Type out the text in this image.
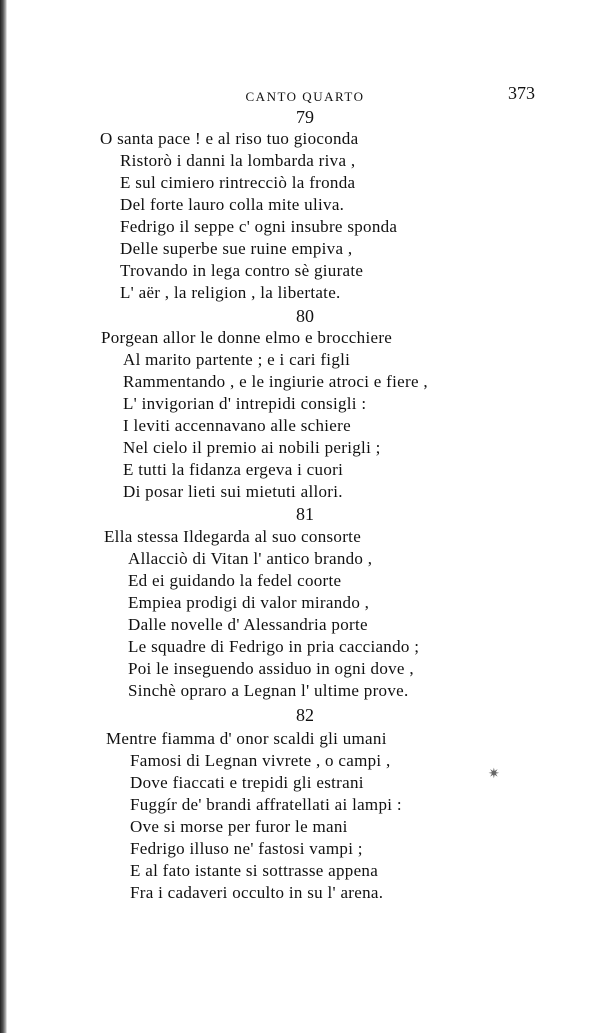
CANTO QUARTO	373
79
O santa pace ! e al riso tuo gioconda
Ristorò i danni la lombarda riva ,
E sul cimiero rintrecciò la fronda
Del forte lauro colla mite uliva.
Fedrigo il seppe c' ogni insubre sponda
Delle superbe sue ruine empiva ,
Trovando in lega contro sè giurate
L' aër , la religion , la libertate.
80
Porgean allor le donne elmo e brocchiere
Al marito partente ; e i cari figli
Rammentando , e le ingiurie atroci e fiere ,
L' invigorian d' intrepidi consigli :
I leviti accennavano alle schiere
Nel cielo il premio ai nobili perigli ;
E tutti la fidanza ergeva i cuori
Di posar lieti sui mietuti allori.
81
Ella stessa Ildegarda al suo consorte
Allacciò di Vitan l' antico brando ,
Ed ei guidando la fedel coorte
Empiea prodigi di valor mirando ,
Dalle novelle d' Alessandria porte
Le squadre di Fedrigo in pria cacciando ;
Poi le inseguendo assiduo in ogni dove ,
Sinchè opraro a Legnan l' ultime prove.
82
Mentre fiamma d' onor scaldi gli umani
Famosi di Legnan vivrete , o campi ,
Dove fiaccati e trepidi gli estrani
Fuggír de' brandi affratellati ai lampi :
Ove si morse per furor le mani
Fedrigo illuso ne' fastosi vampi ;
E al fato istante si sottrasse appena
Fra i cadaveri occulto in su l' arena.
✷
